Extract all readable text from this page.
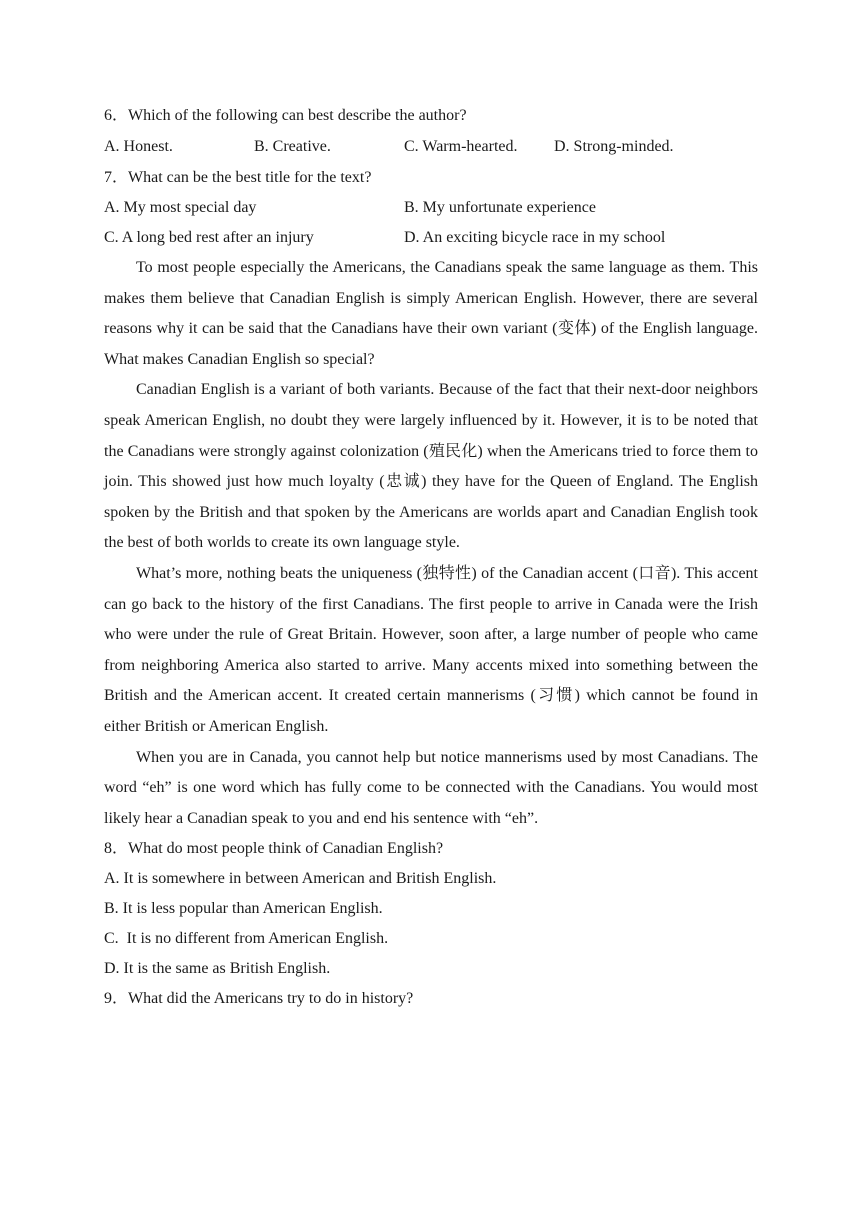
6．Which of the following can best describe the author?
A. Honest.	B. Creative.	C. Warm-hearted.	D. Strong-minded.
7．What can be the best title for the text?
A. My most special day	B. My unfortunate experience
C. A long bed rest after an injury	D. An exciting bicycle race in my school

To most people especially the Americans, the Canadians speak the same language as them. This makes them believe that Canadian English is simply American English. However, there are several reasons why it can be said that the Canadians have their own variant (变体) of the English language. What makes Canadian English so special?

Canadian English is a variant of both variants. Because of the fact that their next-door neighbors speak American English, no doubt they were largely influenced by it. However, it is to be noted that the Canadians were strongly against colonization (殖民化) when the Americans tried to force them to join. This showed just how much loyalty (忠诚) they have for the Queen of England. The English spoken by the British and that spoken by the Americans are worlds apart and Canadian English took the best of both worlds to create its own language style.

What’s more, nothing beats the uniqueness (独特性) of the Canadian accent (口音). This accent can go back to the history of the first Canadians. The first people to arrive in Canada were the Irish who were under the rule of Great Britain. However, soon after, a large number of people who came from neighboring America also started to arrive. Many accents mixed into something between the British and the American accent. It created certain mannerisms (习惯) which cannot be found in either British or American English.

When you are in Canada, you cannot help but notice mannerisms used by most Canadians. The word “eh” is one word which has fully come to be connected with the Canadians. You would most likely hear a Canadian speak to you and end his sentence with “eh”.

8．What do most people think of Canadian English?
A. It is somewhere in between American and British English.
B. It is less popular than American English.
C.  It is no different from American English.
D. It is the same as British English.
9．What did the Americans try to do in history?
